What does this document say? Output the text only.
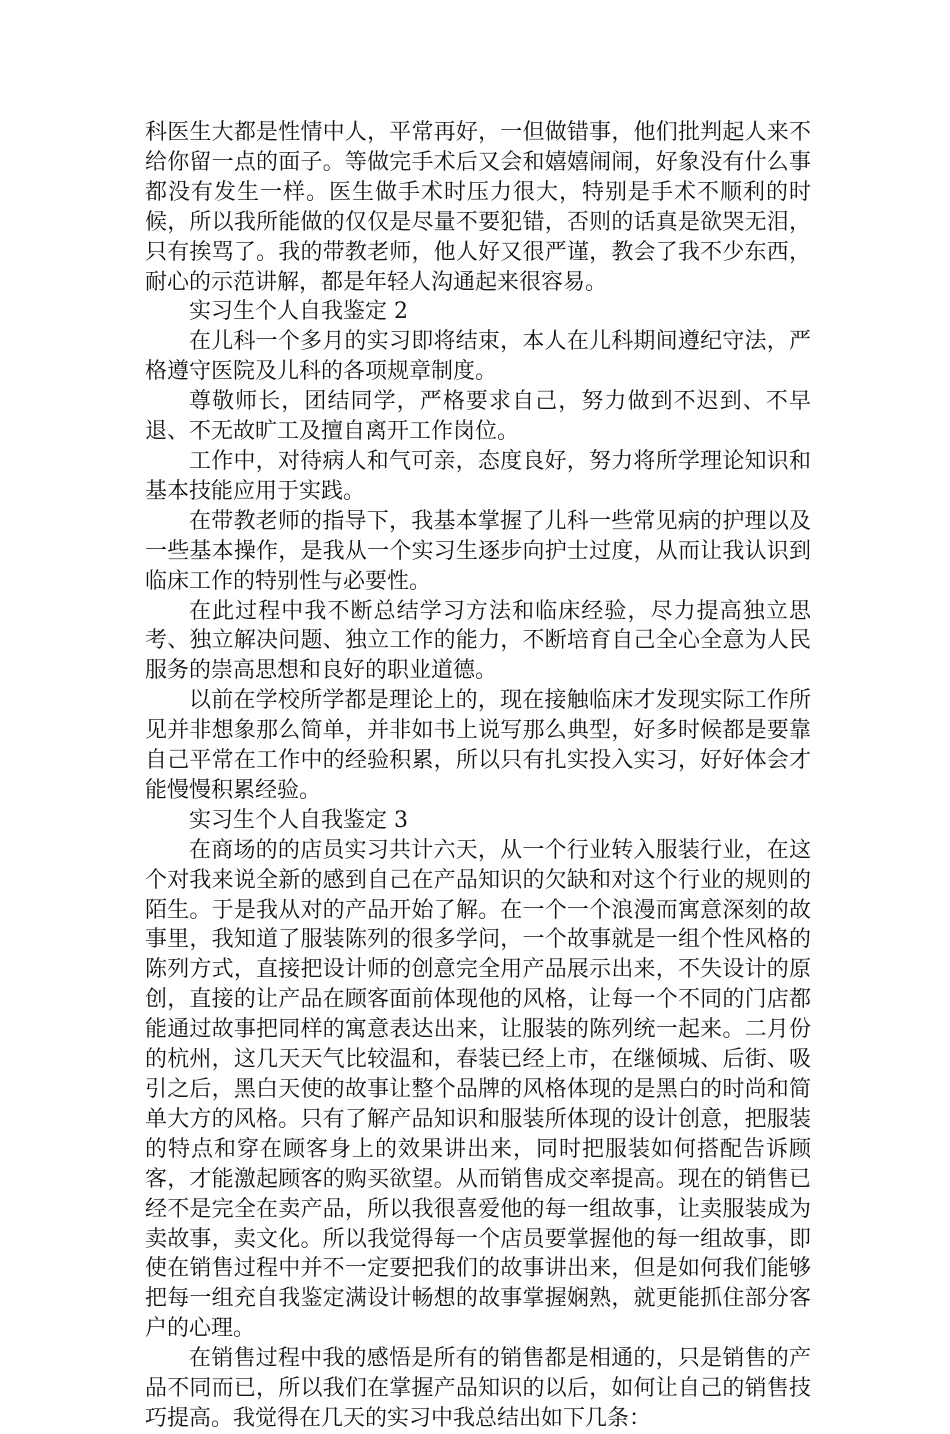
科医生大都是性情中人，平常再好，一但做错事，他们批判起人来不给你留一点的面子。等做完手术后又会和嬉嬉闹闹，好象没有什么事都没有发生一样。医生做手术时压力很大，特别是手术不顺利的时候，所以我所能做的仅仅是尽量不要犯错，否则的话真是欲哭无泪，只有挨骂了。我的带教老师，他人好又很严谨，教会了我不少东西，耐心的示范讲解，都是年轻人沟通起来很容易。

实习生个人自我鉴定 2

在儿科一个多月的实习即将结束，本人在儿科期间遵纪守法，严格遵守医院及儿科的各项规章制度。

尊敬师长，团结同学，严格要求自己，努力做到不迟到、不早退、不无故旷工及擅自离开工作岗位。

工作中，对待病人和气可亲，态度良好，努力将所学理论知识和基本技能应用于实践。

在带教老师的指导下，我基本掌握了儿科一些常见病的护理以及一些基本操作，是我从一个实习生逐步向护士过度，从而让我认识到临床工作的特别性与必要性。

在此过程中我不断总结学习方法和临床经验，尽力提高独立思考、独立解决问题、独立工作的能力，不断培育自己全心全意为人民服务的崇高思想和良好的职业道德。

以前在学校所学都是理论上的，现在接触临床才发现实际工作所见并非想象那么简单，并非如书上说写那么典型，好多时候都是要靠自己平常在工作中的经验积累，所以只有扎实投入实习，好好体会才能慢慢积累经验。

实习生个人自我鉴定 3

在商场的的店员实习共计六天，从一个行业转入服装行业，在这个对我来说全新的感到自己在产品知识的欠缺和对这个行业的规则的陌生。于是我从对的产品开始了解。在一个一个浪漫而寓意深刻的故事里，我知道了服装陈列的很多学问，一个故事就是一组个性风格的陈列方式，直接把设计师的创意完全用产品展示出来，不失设计的原创，直接的让产品在顾客面前体现他的风格，让每一个不同的门店都能通过故事把同样的寓意表达出来，让服装的陈列统一起来。二月份的杭州，这几天天气比较温和，春装已经上市，在继倾城、后街、吸引之后，黑白天使的故事让整个品牌的风格体现的是黑白的时尚和简单大方的风格。只有了解产品知识和服装所体现的设计创意，把服装的特点和穿在顾客身上的效果讲出来，同时把服装如何搭配告诉顾客，才能激起顾客的购买欲望。从而销售成交率提高。现在的销售已经不是完全在卖产品，所以我很喜爱他的每一组故事，让卖服装成为卖故事，卖文化。所以我觉得每一个店员要掌握他的每一组故事，即使在销售过程中并不一定要把我们的故事讲出来，但是如何我们能够把每一组充自我鉴定满设计畅想的故事掌握娴熟，就更能抓住部分客户的心理。

在销售过程中我的感悟是所有的销售都是相通的，只是销售的产品不同而已，所以我们在掌握产品知识的以后，如何让自己的销售技巧提高。我觉得在几天的实习中我总结出如下几条：
